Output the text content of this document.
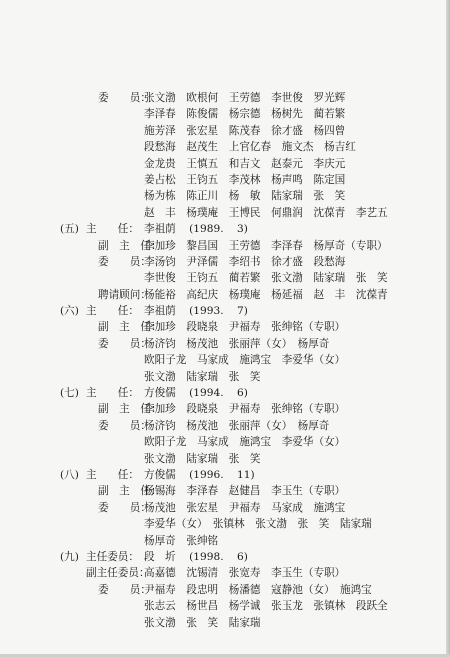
委　　员：
张文渤　欧根何　王劳德　李世俊　罗光辉
李泽春　陈俊儒　杨宗德　杨树先　蔺若繁
施芳泽　张宏星　陈茂春　徐才盛　杨四曾
段愁海　赵茂生　上官亿春　施文杰　杨吉红
金龙贵　王慎五　和吉文　赵泰元　李庆元
姜占松　王钧五　李茂林　杨声鸣　陈定国
杨为栋　陈正川　杨　敏　陆家瑞　张　笑
赵　丰　杨璞庵　王博民　何鼎润　沈葆青　李艺五
(五) 主　　任： 李祖荫 (1989. 3)
副　主　任：
李加珍　黎昌国　王劳德　李泽春　杨厚奇（专职）
委　　员：
李汤钧　尹泽儒　李绍书　徐才盛　段愁海
李世俊　王钧五　蔺若繁　张文渤　陆家瑞　张　笑
聘请顾问：
杨能裕　高纪庆　杨璞庵　杨延福　赵　丰　沈葆青
(六) 主　　任： 李祖荫 (1993. 7)
副　主　任：
李加珍　段晓泉　尹福寿　张绅铭（专职）
委　　员：
杨济钧　杨茂池　张丽萍（女）　杨厚奇
欧阳子龙　马家成　施鸿宝　李爱华（女）
张文渤　陆家瑞　张　笑
(七) 主　　任： 方俊儒 (1994. 6)
副　主　任：
李加珍　段晓泉　尹福寿　张绅铭（专职）
委　　员：
杨济钧　杨茂池　张丽萍（女）　杨厚奇
欧阳子龙　马家成　施鸿宝　李爱华（女）
张文渤　陆家瑞　张　笑
(八) 主　　任： 方俊儒 (1996. 11)
副　主　任：
杨锡海　李泽春　赵健昌　李玉生（专职）
委　　员：
杨茂池　张宏星　尹福寿　马家成　施鸿宝
李爱华（女）　张镇林　张文渤　张　笑　陆家瑞
杨厚奇　张绅铭
(九) 主任委员： 段　圻 (1998. 6)
副主任委员：
高嘉德　沈锡清　张宽寿　李玉生（专职）
委　　员：
尹福寿　段忠明　杨潘德　寇静池（女）　施鸿宝
张志云　杨世昌　杨学诚　张玉龙　张镇林　段跃全
张文渤　张　笑　陆家瑞
